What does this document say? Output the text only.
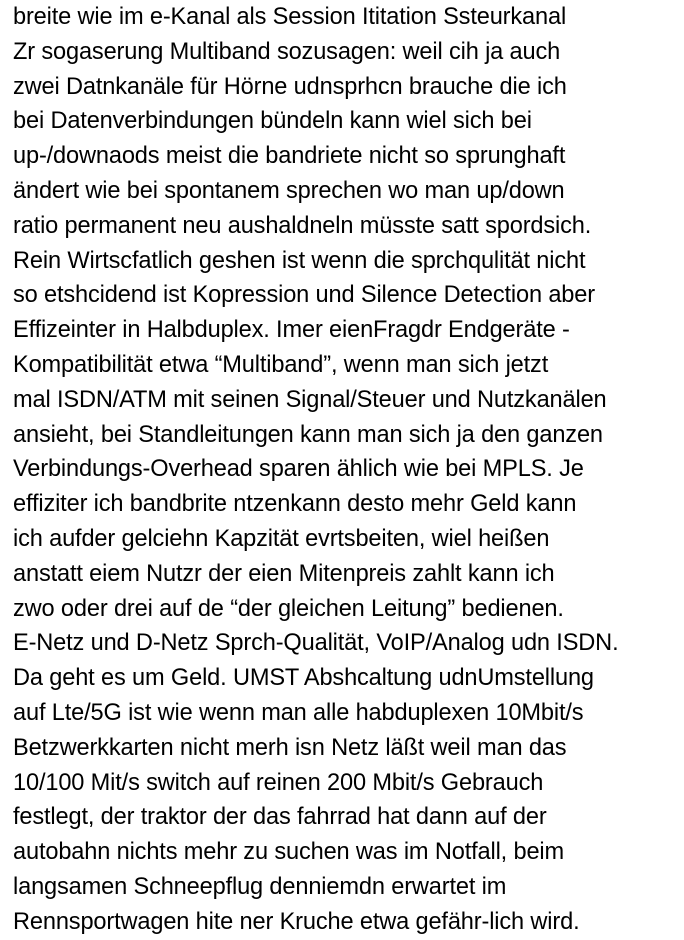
breite wie im e-Kanal als Session Ititation Ssteurkanal
Zr sogaserung Multiband sozusagen: weil cih ja auch
zwei Datnkanäle für Hörne udnsprhcn brauche die ich
bei Datenverbindungen bündeln kann wiel sich bei
up-/downaods meist die bandriete nicht so sprunghaft
ändert wie bei spontanem sprechen wo man up/down
ratio permanent neu aushaldneln müsste satt spordsich.
Rein Wirtscfatlich geshen ist wenn die sprchqulität nicht
so etshcidend ist Kopression und Silence Detection aber
Effizeinter in Halbduplex. Imer eienFragdr Endgeräte -
Kompatibilität etwa “Multiband”, wenn man sich jetzt
mal ISDN/ATM mit seinen Signal/Steuer und Nutzkanälen
ansieht, bei Standleitungen kann man sich ja den ganzen
Verbindungs-Overhead sparen ählich wie bei MPLS. Je
effiziter ich bandbrite ntzenkann desto mehr Geld kann
ich aufder gelciehn Kapzität evrtsbeiten, wiel heißen
anstatt eiem Nutzr der eien Mitenpreis zahlt kann ich
zwo oder drei auf de “der gleichen Leitung” bedienen.
E-Netz und D-Netz Sprch-Qualität, VoIP/Analog udn ISDN.
Da geht es um Geld. UMST Abshcaltung udnUmstellung
auf Lte/5G ist wie wenn man alle habduplexen 10Mbit/s
Betzwerkkarten nicht merh isn Netz läßt weil man das
10/100 Mit/s switch auf reinen 200 Mbit/s Gebrauch
festlegt, der traktor der das fahrrad hat dann auf der
autobahn nichts mehr zu suchen was im Notfall, beim
langsamen Schneepflug denniemdn erwartet im
Rennsportwagen hite ner Kruche etwa gefähr-lich wird.
